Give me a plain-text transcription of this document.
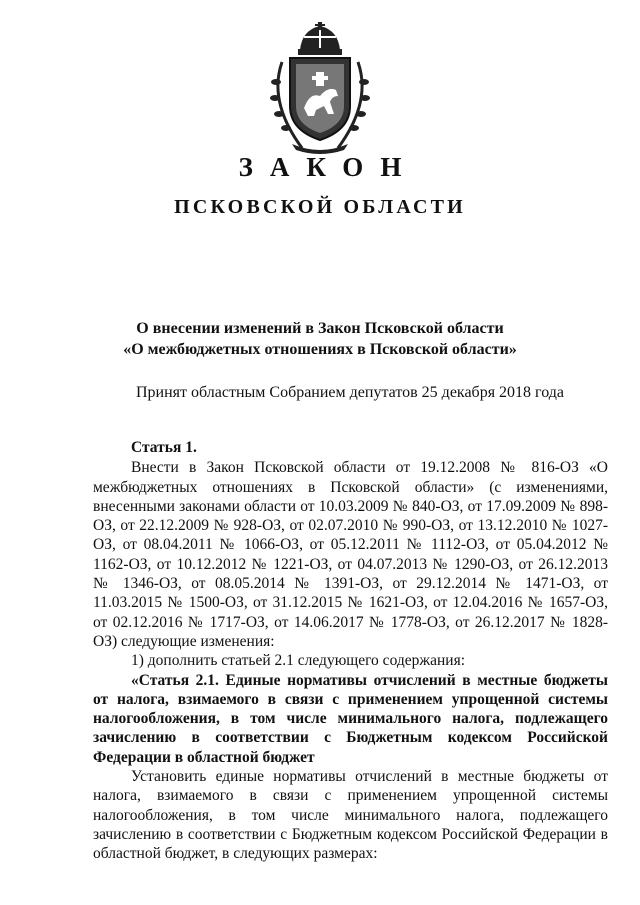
ЗАКОН
ПСКОВСКОЙ ОБЛАСТИ
О внесении изменений в Закон Псковской области
«О межбюджетных отношениях в Псковской области»
Принят областным Собранием депутатов 25 декабря 2018 года

Статья 1.

Внести в Закон Псковской области от 19.12.2008 № 816-ОЗ «О межбюджетных отношениях в Псковской области» (с изменениями, внесенными законами области от 10.03.2009 № 840-ОЗ, от 17.09.2009 № 898-ОЗ, от 22.12.2009 № 928-ОЗ, от 02.07.2010 № 990-ОЗ, от 13.12.2010 № 1027-ОЗ, от 08.04.2011 № 1066-ОЗ, от 05.12.2011 № 1112-ОЗ, от 05.04.2012 № 1162-ОЗ, от 10.12.2012 № 1221-ОЗ, от 04.07.2013 № 1290-ОЗ, от 26.12.2013 № 1346-ОЗ, от 08.05.2014 № 1391-ОЗ, от 29.12.2014 № 1471-ОЗ, от 11.03.2015 № 1500-ОЗ, от 31.12.2015 № 1621-ОЗ, от 12.04.2016 № 1657-ОЗ, от 02.12.2016 № 1717-ОЗ, от 14.06.2017 № 1778-ОЗ, от 26.12.2017 № 1828-ОЗ) следующие изменения:

1) дополнить статьей 2.1 следующего содержания:

«Статья 2.1. Единые нормативы отчислений в местные бюджеты от налога, взимаемого в связи с применением упрощенной системы налогообложения, в том числе минимального налога, подлежащего зачислению в соответствии с Бюджетным кодексом Российской Федерации в областной бюджет

Установить единые нормативы отчислений в местные бюджеты от налога, взимаемого в связи с применением упрощенной системы налогообложения, в том числе минимального налога, подлежащего зачислению в соответствии с Бюджетным кодексом Российской Федерации в областной бюджет, в следующих размерах:
